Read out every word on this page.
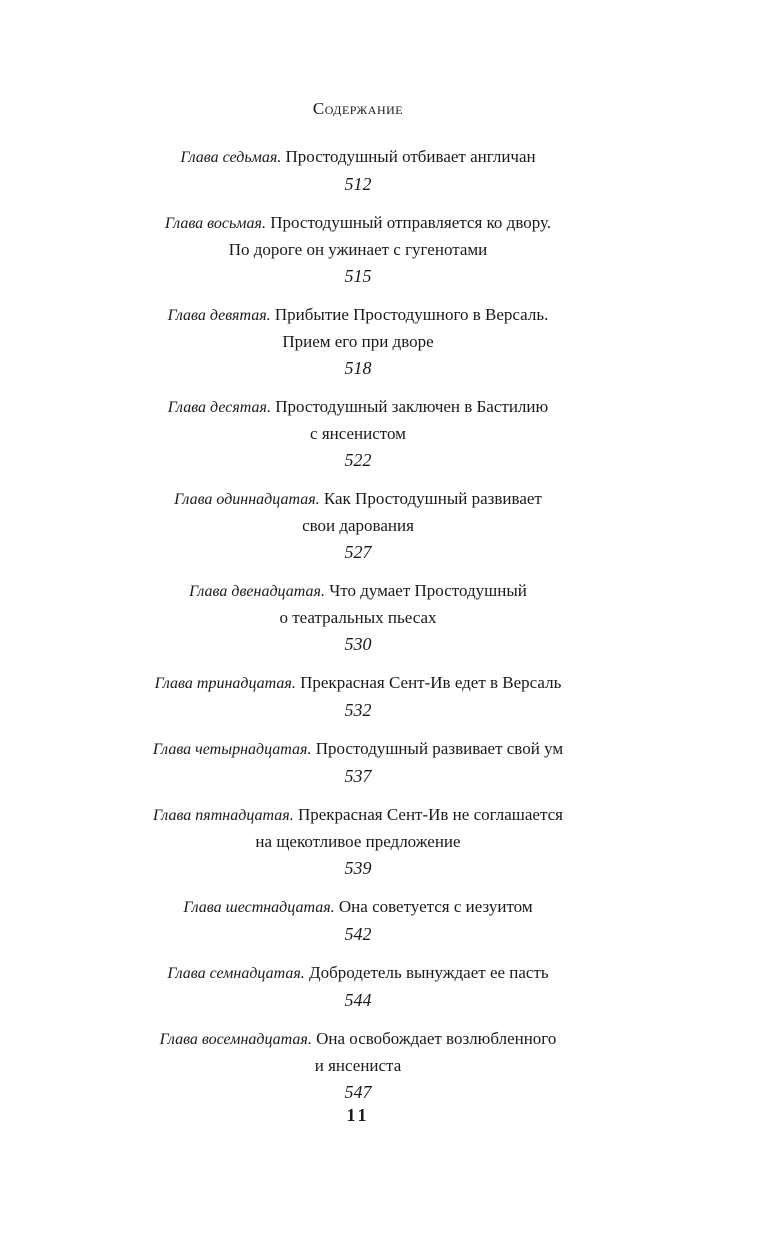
Содержание
Глава седьмая. Простодушный отбивает англичан
512
Глава восьмая. Простодушный отправляется ко двору.
По дороге он ужинает с гугенотами
515
Глава девятая. Прибытие Простодушного в Версаль.
Прием его при дворе
518
Глава десятая. Простодушный заключен в Бастилию
с янсенистом
522
Глава одиннадцатая. Как Простодушный развивает
свои дарования
527
Глава двенадцатая. Что думает Простодушный
о театральных пьесах
530
Глава тринадцатая. Прекрасная Сент-Ив едет в Версаль
532
Глава четырнадцатая. Простодушный развивает свой ум
537
Глава пятнадцатая. Прекрасная Сент-Ив не соглашается
на щекотливое предложение
539
Глава шестнадцатая. Она советуется с иезуитом
542
Глава семнадцатая. Добродетель вынуждает ее пасть
544
Глава восемнадцатая. Она освобождает возлюбленного
и янсениста
547
11
